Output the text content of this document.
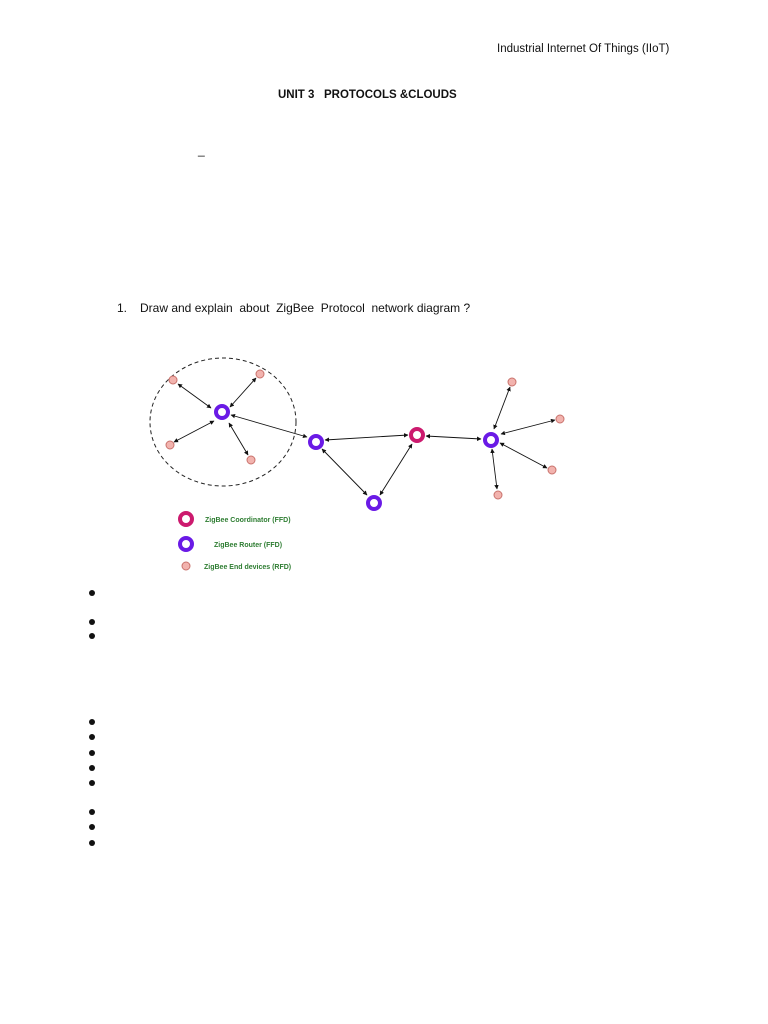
Industrial Internet Of Things (IIoT)
UNIT 3   PROTOCOLS &CLOUDS
_
1. Draw and explain  about  ZigBee  Protocol  network diagram ?
ZigBee Coordinator (FFD)
ZigBee Router (FFD)
ZigBee End devices (RFD)
